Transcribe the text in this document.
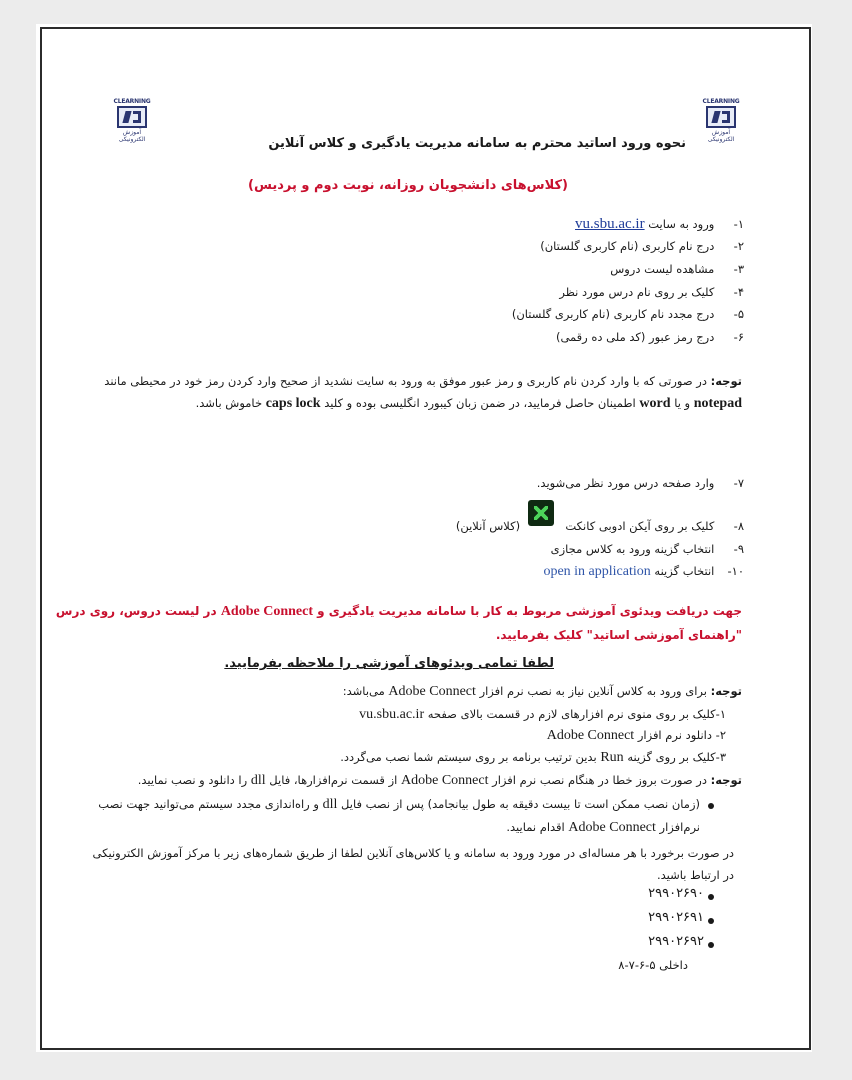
CLEARNING
آموزش الکترونیکی
CLEARNING
آموزش الکترونیکی
نحوه ورود اساتید محترم به سامانه مدیریت یادگیری و کلاس آنلاین
(کلاس‌های دانشجویان روزانه، نوبت دوم و پردیس)
۱- ورود به سایت vu.sbu.ac.ir
۲- درج نام کاربری (نام کاربری گلستان)
۳- مشاهده لیست دروس
۴- کلیک بر روی نام درس مورد نظر
۵- درج مجدد نام کاربری (نام کاربری گلستان)
۶- درج رمز عبور (کد ملی ده رقمی)
توجه: در صورتی که با وارد کردن نام کاربری و رمز عبور موفق به ورود به سایت نشدید از صحیح وارد کردن رمز خود در محیطی مانند
notepad و یا word اطمینان حاصل فرمایید، در ضمن زبان کیبورد انگلیسی بوده و کلید caps lock خاموش باشد.
۷- وارد صفحه درس مورد نظر می‌شوید.
۸- کلیک بر روی آیکن ادوبی کانکت  (کلاس آنلاین)
۹- انتخاب گزینه ورود به کلاس مجازی
۱۰- انتخاب گزینه open in application
جهت دریافت ویدئوی آموزشی مربوط به کار با سامانه مدیریت یادگیری و Adobe Connect در لیست دروس، روی درس
"راهنمای آموزشی اساتید" کلیک بفرمایید.
لطفا تمامی ویدئوهای آموزشی را ملاحظه بفرمایید.
توجه: برای ورود به کلاس آنلاین نیاز به نصب نرم افزار Adobe Connect می‌باشد:
۱-کلیک بر روی منوی نرم افزارهای لازم در قسمت بالای صفحه vu.sbu.ac.ir
۲- دانلود نرم افزار Adobe Connect
۳-کلیک بر روی گزینه Run بدین ترتیب برنامه بر روی سیستم شما نصب می‌گردد.
توجه: در صورت بروز خطا در هنگام نصب نرم افزار Adobe Connect از قسمت نرم‌افزارها، فایل dll را دانلود و نصب نمایید.
(زمان نصب ممکن است تا بیست دقیقه به طول بیانجامد) پس از نصب فایل dll و راه‌اندازی مجدد سیستم می‌توانید جهت نصب
نرم‌افزار Adobe Connect اقدام نمایید.
در صورت برخورد با هر مساله‌ای در مورد ورود به سامانه و یا کلاس‌های آنلاین لطفا از طریق شماره‌های زیر با مرکز آموزش الکترونیکی
در ارتباط باشید.
۲۹۹۰۲۶۹۰
۲۹۹۰۲۶۹۱
۲۹۹۰۲۶۹۲
داخلی ۵-۶-۷-۸
